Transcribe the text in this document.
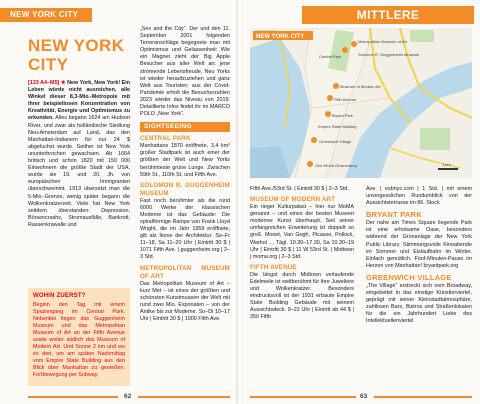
NEW YORK CITY
NEW YORK
CITY

[133 A4–M5] ★ New York, New York! Ein Leben würde nicht ausreichen, alle Winkel dieser 8,3-Mio.-Metropole mit ihrer beispiellosen Konzentration von Kreativität, Energie und Optimismus zu erkunden. Alles begann 1624 am Hudson River, und zwar als holländische Siedlung Neu-Amsterdam auf Land, das den Manhattan-Indianern für nur 24 $ abgeluchst wurde. Seither ist New York ununterbrochen gewachsen. Ab 1664 britisch und schon 1820 mit 150 000 Einwohnern die größte Stadt der USA, wurde sie 19. und 20. Jh. von europäischen Immigranten überschwemmt. 1913 übersetzt man die 5-Mio.-Grenze, wenig später begann die Wolkenkratzerzeit. Viele hat New York seitdem überstanden: Depression, Börsencrashs, Stromausfälle, Bankrott, Rassenkrawalle und

WOHIN ZUERST?
Beginn den Tag mit einem Spaziergang im Central Park. Nebenbei liegen das Guggenheim Museum und das Metropolitan Museum of Art an der Fifth Avenue sowie weiter südlich das Museum of Modern Art. Und Sonne 2 km und wo es dort, um am späten Nachmittag vom Empire State Building aus den Blick über Manhattan zu genießen. Fortbewegung per Subway.

„Sex and the City“. Der und den 11. September 2001 folgenden Terroranschläge begegnete man mit Optimismus und Gelassenheit: Wie ein Magnet zieht der Big Apple Besucher aus aller Welt an; jene strömende Lebensfreude, Neu Yorks ist wieder heraufzuziehen und ganz Welt aus Touristen: aus der Covid-Pandemie erholt die Besucherzahlen 2023 wieder das Niveau von 2019. Detaillierte Infos findet ihr im MARCO POLO „New York“.

SIGHTSEEING
CENTRAL PARK

Manhattans 1870 eröffnete, 3,4 km² großer Stadtpark ist auch einer der größten der Welt und New Yorks berühmteste grüne Lunge. Zwischen 59th St., 110th St. und Fifth Ave.

SOLOMON R. GUGGENHEIM MUSEUM

Fast noch berühmter als die rund 6000 Werke der klassischen Moderne ist das Gebäude: Die spiralförmige Rampe von Frank Lloyd Wright, die im Jahr 1959 eröffnete, gilt als Ikone der Architektur. So–Fr 11–18, Sa 11–20 Uhr | Eintritt 30 $ | 1071 Fifth Ave. | guggenheim.org | 2–3 Std.

METROPOLITAN MUSEUM OF ART

Das Metropolitan Museum of Art – kurz Met – ist eines der größten und schönsten Kunstmuseen der Welt mit rund zwei Mio. Exponaten – von der Antike bis zur Moderne. So–Di 10–17 Uhr | Eintritt 30 $ | 1000 Fifth Ave.

62
MITTLERE
NEW YORK CITY
Metropolitan Museum of Art
Solomon R. Guggenheim Museum
Central Park
Museum of Modern Art
Fifth Avenue
Bryant Park
Empire State Building
Greenwich Village
One World Observatory	1 km

Fifth Ave./53rd St. | Eintritt 30 $ | 2–3 Std.

MUSEUM OF MODERN ART

Ein rieger Kulturpalast – hier nur MoMA genannt – und eines der besten Museen moderner Kunst überhaupt. Seit seiner umfangreichen Erweiterung ist doppelt so groß. Monet, Van Gogh, Picasso, Pollock, Warhol … Tägl. 10.30–17.30, Sa 10.30–19 Uhr | Eintritt 30 $ | 11 W 53rd St. | Midtown | moma.org | 2–3 Std.

FIFTH AVENUE

Die längst durch Midtown verlaufende Edelmeile ist weltberühmt für ihre Juweliere und Wolkenkratzer. Besonders eindrucksvoll ist der 1931 erbaute Empire State Building Gebäude mit seinem Aussichtsdeck. 9–22 Uhr | Eintritt ab 44 $ | 350 Fifth

Ave. | esbnyc.com | 1 Std. | mit einem unvergesslichen Rundumblick von der Aussichtsterrasse im 86. Stock

BRYANT PARK

Der nahe am Times Square liegende Park ist eine erholsame Oase, besonders während der Grünanlage der New York Public Library. Stimmungsvolle Kinoabende im Sommer und Eislaufbahn im Winter. Einfach gemütlich. Fünf-Minuten-Pause im Herzen von Manhattan! bryantpark.org

GREENWICH VILLAGE

„The Village“ erstreckt sich vom Broadway, eingebettet in das einstige Künstlerviertel, geprägt mit seiner Kleinstadtatmosphäre, zahllosen Bars, Bistros und Straßenlokalen für die ein Jahrhundert Liebe des Intellektuellenviertel.

63
